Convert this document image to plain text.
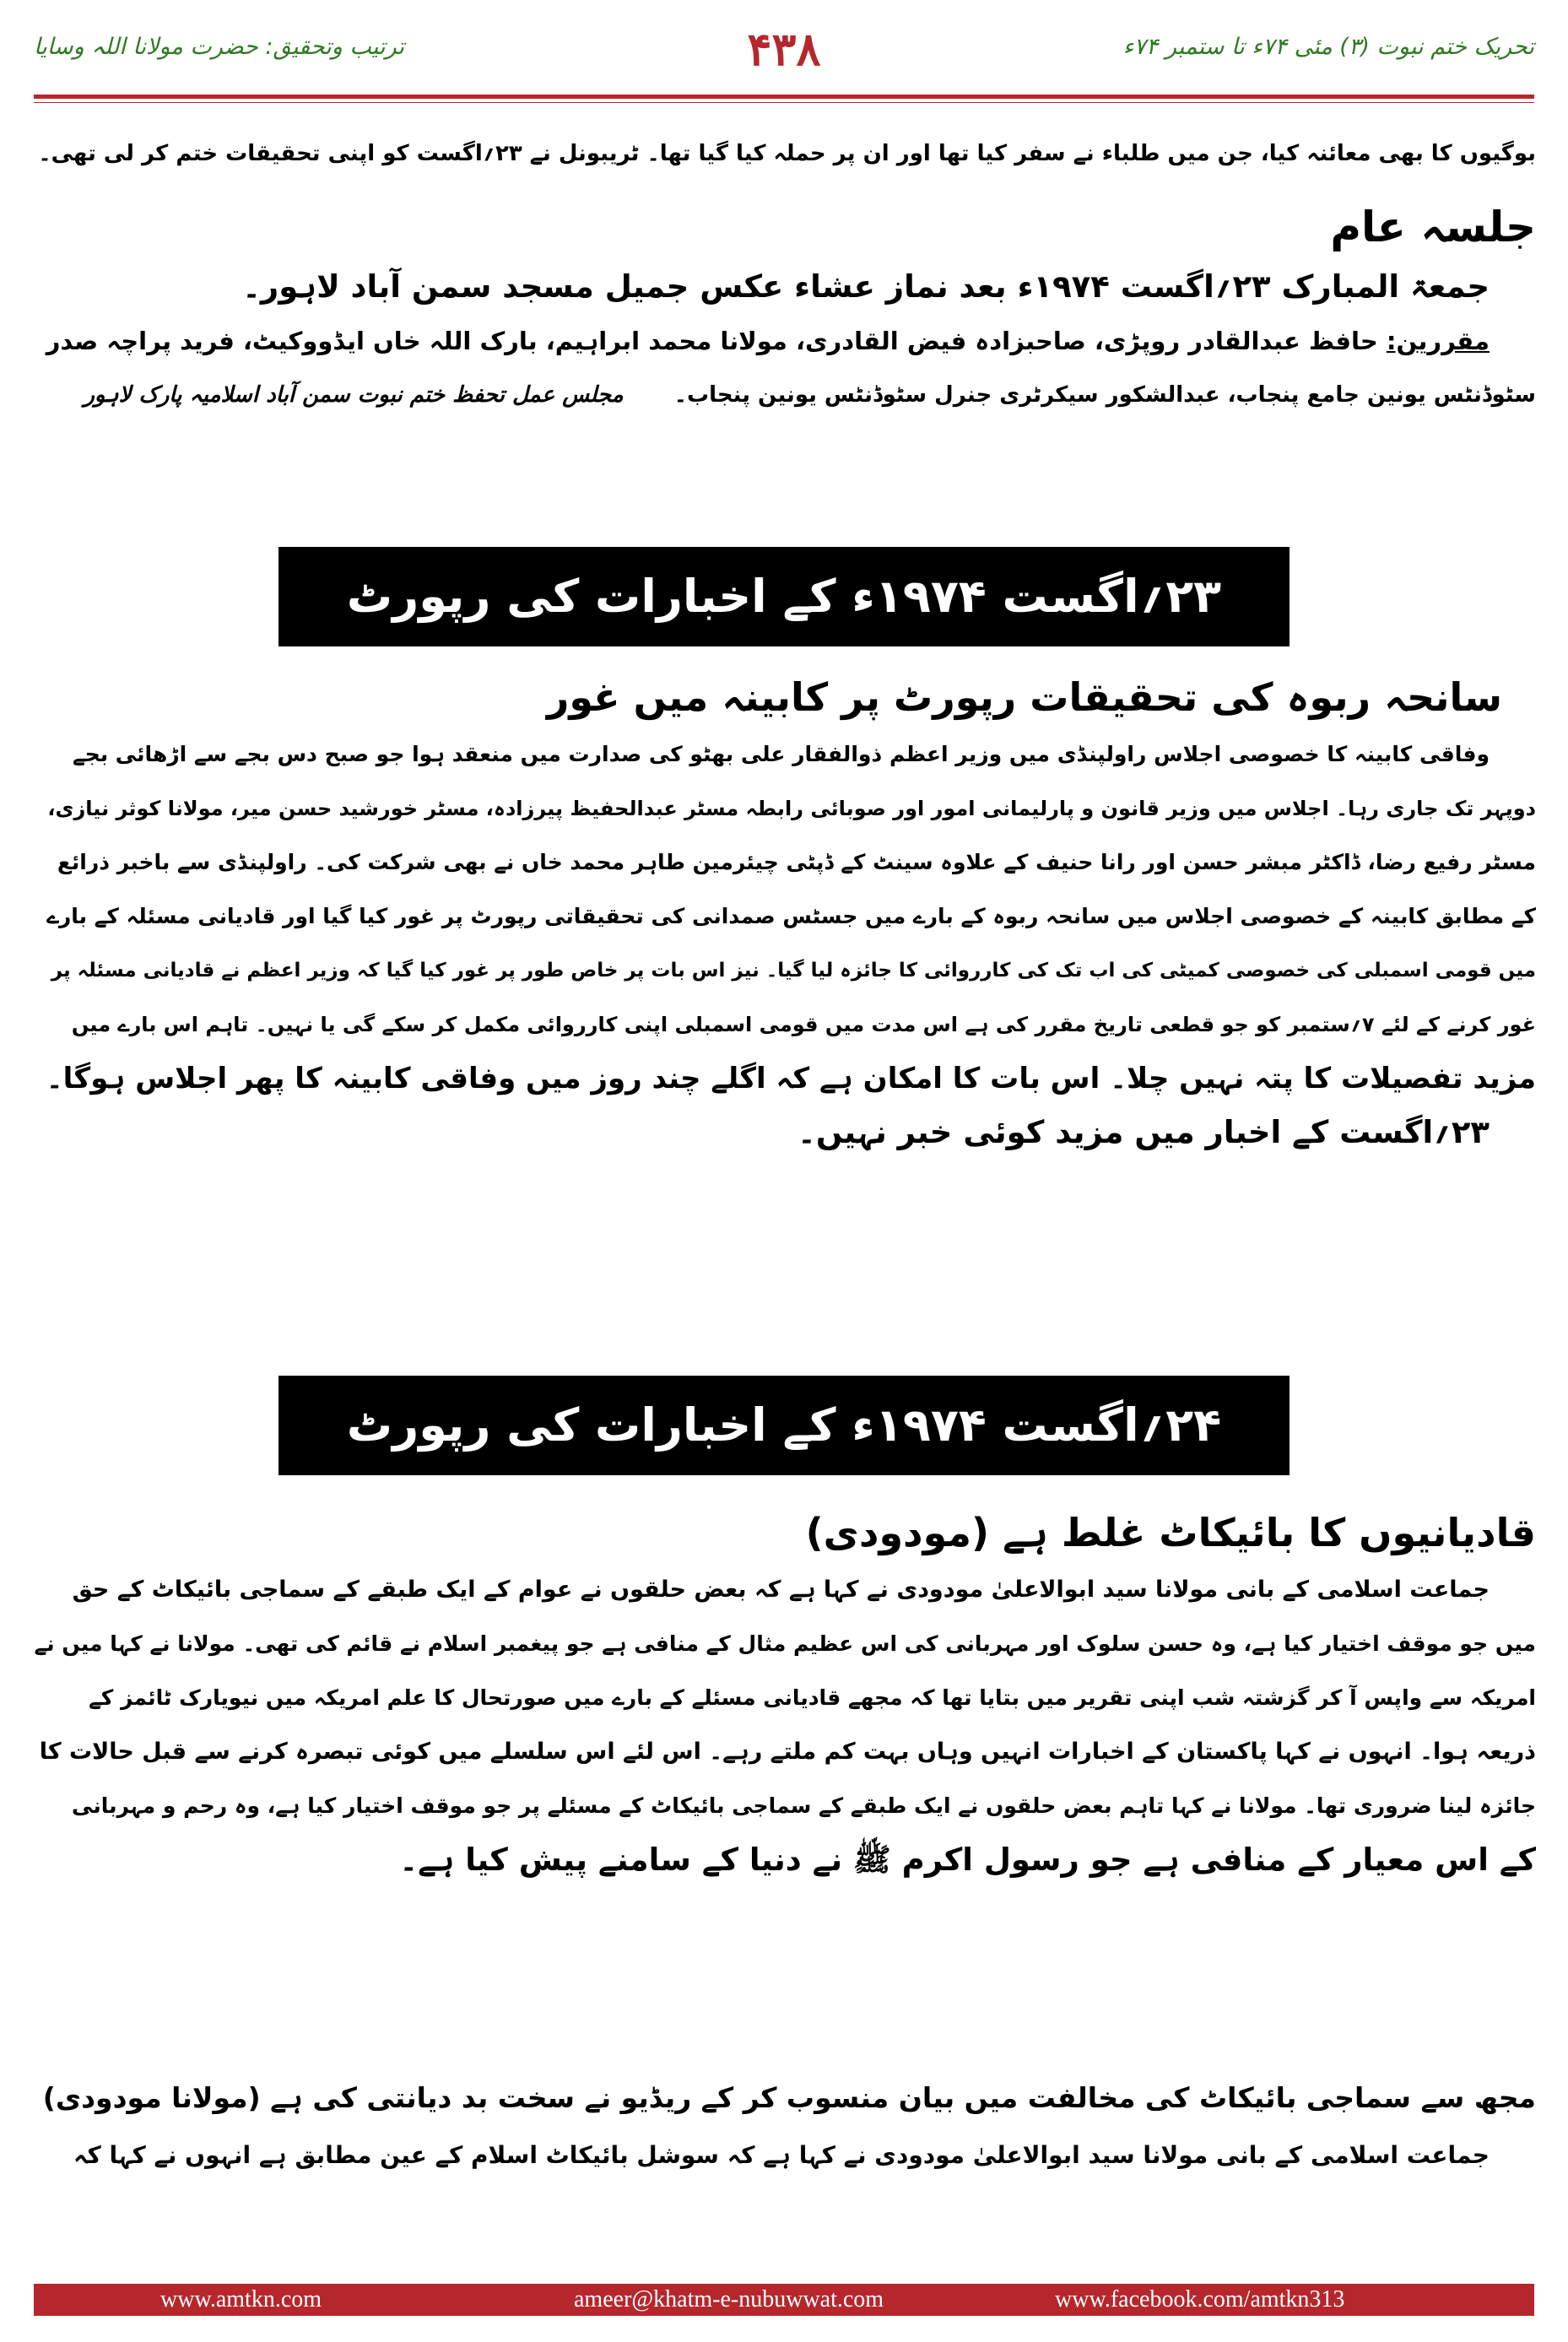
تحریک ختم نبوت (۳) مئی ۷۴ء تا ستمبر ۷۴ء
۴۳۸
ترتیب وتحقیق: حضرت مولانا اللہ وسایا
بوگیوں کا بھی معائنہ کیا، جن میں طلباء نے سفر کیا تھا اور ان پر حملہ کیا گیا تھا۔ ٹریبونل نے ۲۳؍اگست کو اپنی تحقیقات ختم کر لی تھی۔
جلسہ عام
جمعۃ المبارک ۲۳؍اگست ۱۹۷۴ء بعد نماز عشاء عکس جمیل مسجد سمن آباد لاہور۔
مقررین: حافظ عبدالقادر روپڑی، صاحبزادہ فیض القادری، مولانا محمد ابراہیم، بارک اللہ خاں ایڈووکیٹ، فرید پراچہ صدر
سٹوڈنٹس یونین جامع پنجاب، عبدالشکور سیکرٹری جنرل سٹوڈنٹس یونین پنجاب۔مجلس عمل تحفظ ختم نبوت سمن آباد اسلامیہ پارک لاہور
۲۳؍اگست ۱۹۷۴ء کے اخبارات کی رپورٹ
سانحہ ربوہ کی تحقیقات رپورٹ پر کابینہ میں غور
وفاقی کابینہ کا خصوصی اجلاس راولپنڈی میں وزیر اعظم ذوالفقار علی بھٹو کی صدارت میں منعقد ہوا جو صبح دس بجے سے اڑھائی بجے
دوپہر تک جاری رہا۔ اجلاس میں وزیر قانون و پارلیمانی امور اور صوبائی رابطہ مسٹر عبدالحفیظ پیرزادہ، مسٹر خورشید حسن میر، مولانا کوثر نیازی،
مسٹر رفیع رضا، ڈاکٹر مبشر حسن اور رانا حنیف کے علاوہ سینٹ کے ڈپٹی چیئرمین طاہر محمد خاں نے بھی شرکت کی۔ راولپنڈی سے باخبر ذرائع
کے مطابق کابینہ کے خصوصی اجلاس میں سانحہ ربوہ کے بارے میں جسٹس صمدانی کی تحقیقاتی رپورٹ پر غور کیا گیا اور قادیانی مسئلہ کے بارے
میں قومی اسمبلی کی خصوصی کمیٹی کی اب تک کی کارروائی کا جائزہ لیا گیا۔ نیز اس بات پر خاص طور پر غور کیا گیا کہ وزیر اعظم نے قادیانی مسئلہ پر
غور کرنے کے لئے ۷؍ستمبر کو جو قطعی تاریخ مقرر کی ہے اس مدت میں قومی اسمبلی اپنی کارروائی مکمل کر سکے گی یا نہیں۔ تاہم اس بارے میں
مزید تفصیلات کا پتہ نہیں چلا۔ اس بات کا امکان ہے کہ اگلے چند روز میں وفاقی کابینہ کا پھر اجلاس ہوگا۔
۲۳؍اگست کے اخبار میں مزید کوئی خبر نہیں۔
۲۴؍اگست ۱۹۷۴ء کے اخبارات کی رپورٹ
قادیانیوں کا بائیکاٹ غلط ہے (مودودی)
جماعت اسلامی کے بانی مولانا سید ابوالاعلیٰ مودودی نے کہا ہے کہ بعض حلقوں نے عوام کے ایک طبقے کے سماجی بائیکاٹ کے حق
میں جو موقف اختیار کیا ہے، وہ حسن سلوک اور مہربانی کی اس عظیم مثال کے منافی ہے جو پیغمبر اسلام نے قائم کی تھی۔ مولانا نے کہا میں نے
امریکہ سے واپس آ کر گزشتہ شب اپنی تقریر میں بتایا تھا کہ مجھے قادیانی مسئلے کے بارے میں صورتحال کا علم امریکہ میں نیویارک ٹائمز کے
ذریعہ ہوا۔ انہوں نے کہا پاکستان کے اخبارات انہیں وہاں بہت کم ملتے رہے۔ اس لئے اس سلسلے میں کوئی تبصرہ کرنے سے قبل حالات کا
جائزہ لینا ضروری تھا۔ مولانا نے کہا تاہم بعض حلقوں نے ایک طبقے کے سماجی بائیکاٹ کے مسئلے پر جو موقف اختیار کیا ہے، وہ رحم و مہربانی
کے اس معیار کے منافی ہے جو رسول اکرم ﷺ نے دنیا کے سامنے پیش کیا ہے۔
مجھ سے سماجی بائیکاٹ کی مخالفت میں بیان منسوب کر کے ریڈیو نے سخت بد دیانتی کی ہے (مولانا مودودی)
جماعت اسلامی کے بانی مولانا سید ابوالاعلیٰ مودودی نے کہا ہے کہ سوشل بائیکاٹ اسلام کے عین مطابق ہے انہوں نے کہا کہ
www.amtkn.com	ameer@khatm-e-nubuwwat.com	www.facebook.com/amtkn313
